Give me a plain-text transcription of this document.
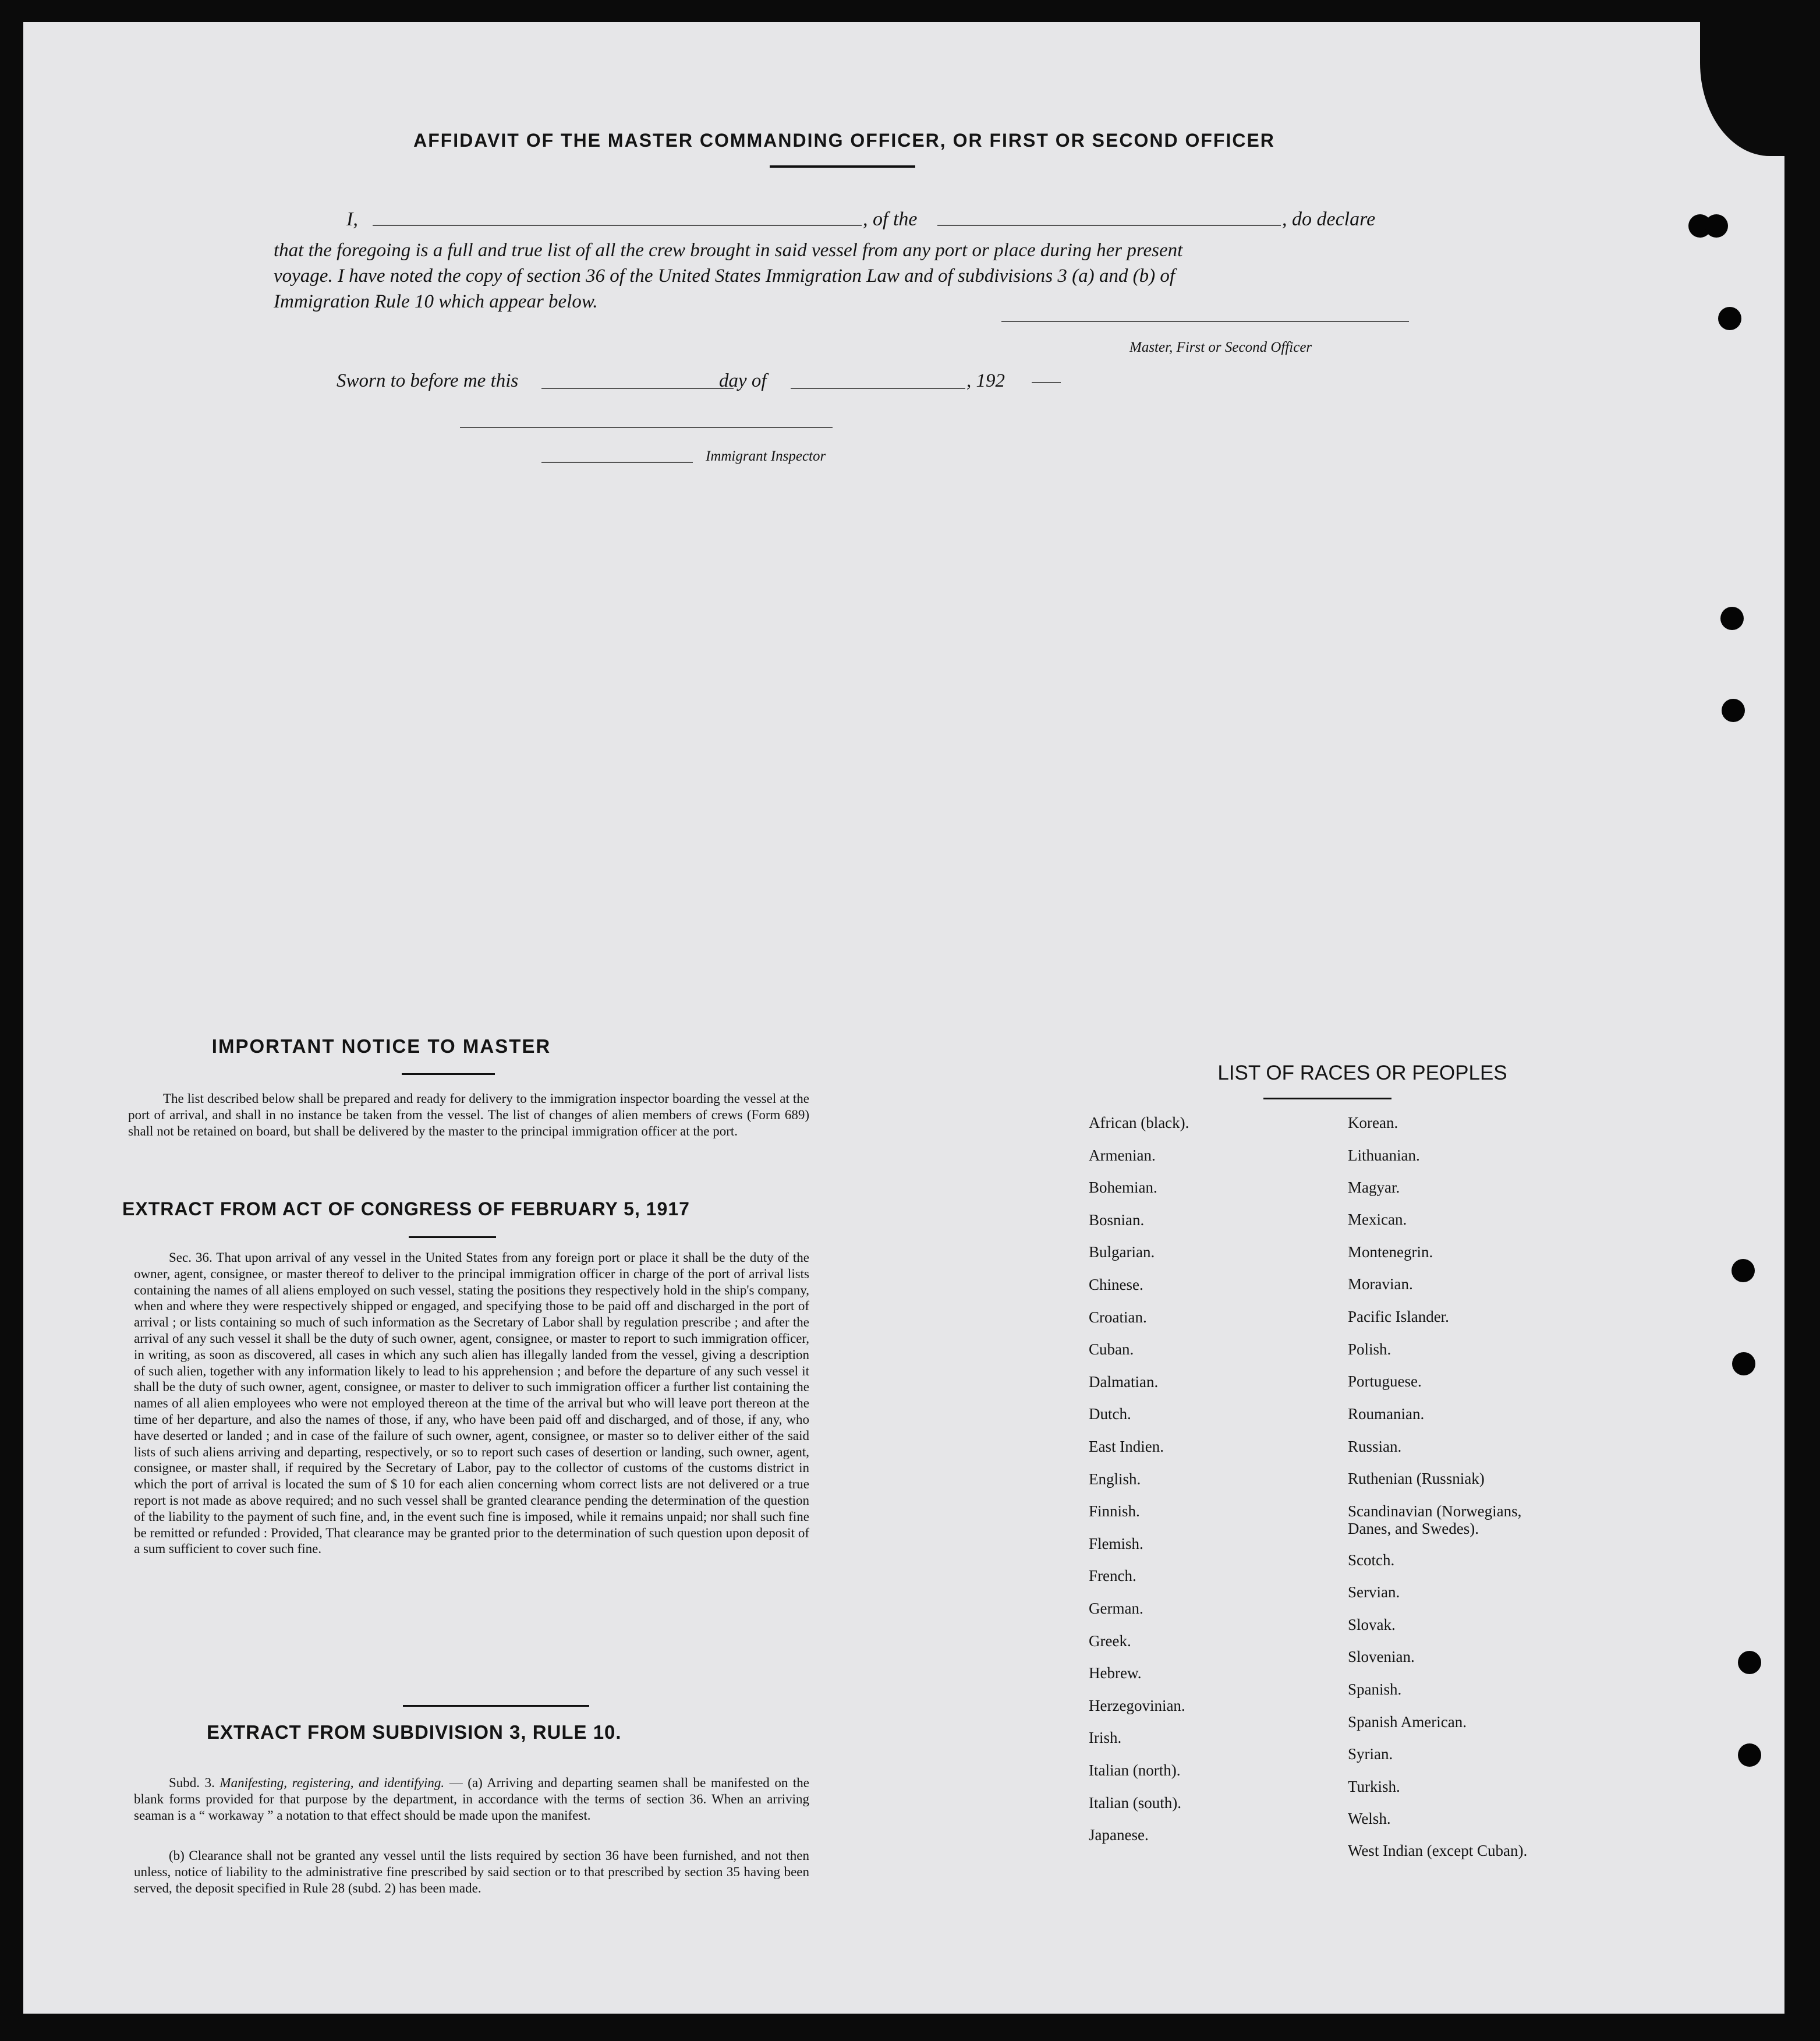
AFFIDAVIT OF THE MASTER COMMANDING OFFICER, OR FIRST OR SECOND OFFICER
I,	, of the	, do declare
that the foregoing is a full and true list of all the crew brought in said vessel from any port or place during her present
voyage. I have noted the copy of section 36 of the United States Immigration Law and of subdivisions 3 (a) and (b) of
Immigration Rule 10 which appear below.
Master, First or Second Officer
Sworn to before me this	day of	, 192
Immigrant Inspector
IMPORTANT NOTICE TO MASTER
The list described below shall be prepared and ready for delivery to the immigration inspector boarding the vessel at the port of arrival, and shall in no instance be taken from the vessel. The list of changes of alien members of crews (Form 689) shall not be retained on board, but shall be delivered by the master to the principal immigration officer at the port.
EXTRACT FROM ACT OF CONGRESS OF FEBRUARY 5, 1917
Sec. 36. That upon arrival of any vessel in the United States from any foreign port or place it shall be the duty of the owner, agent, consignee, or master thereof to deliver to the principal immigration officer in charge of the port of arrival lists containing the names of all aliens employed on such vessel, stating the positions they respectively hold in the ship's company, when and where they were respectively shipped or engaged, and specifying those to be paid off and discharged in the port of arrival ; or lists containing so much of such information as the Secretary of Labor shall by regulation prescribe ; and after the arrival of any such vessel it shall be the duty of such owner, agent, consignee, or master to report to such immigration officer, in writing, as soon as discovered, all cases in which any such alien has illegally landed from the vessel, giving a description of such alien, together with any information likely to lead to his apprehension ; and before the departure of any such vessel it shall be the duty of such owner, agent, consignee, or master to deliver to such immigration officer a further list containing the names of all alien employees who were not employed thereon at the time of the arrival but who will leave port thereon at the time of her departure, and also the names of those, if any, who have been paid off and discharged, and of those, if any, who have deserted or landed ; and in case of the failure of such owner, agent, consignee, or master so to deliver either of the said lists of such aliens arriving and departing, respectively, or so to report such cases of desertion or landing, such owner, agent, consignee, or master shall, if required by the Secretary of Labor, pay to the collector of customs of the customs district in which the port of arrival is located the sum of $ 10 for each alien concerning whom correct lists are not delivered or a true report is not made as above required; and no such vessel shall be granted clearance pending the determination of the question of the liability to the payment of such fine, and, in the event such fine is imposed, while it remains unpaid; nor shall such fine be remitted or refunded : Provided, That clearance may be granted prior to the determination of such question upon deposit of a sum sufficient to cover such fine.
EXTRACT FROM SUBDIVISION 3, RULE 10.
Subd. 3. Manifesting, registering, and identifying. — (a) Arriving and departing seamen shall be manifested on the blank forms provided for that purpose by the department, in accordance with the terms of section 36. When an arriving seaman is a “ workaway ” a notation to that effect should be made upon the manifest.
(b) Clearance shall not be granted any vessel until the lists required by section 36 have been furnished, and not then unless, notice of liability to the administrative fine prescribed by said section or to that prescribed by section 35 having been served, the deposit specified in Rule 28 (subd. 2) has been made.
LIST OF RACES OR PEOPLES
African (black).
Armenian.
Bohemian.
Bosnian.
Bulgarian.
Chinese.
Croatian.
Cuban.
Dalmatian.
Dutch.
East Indien.
English.
Finnish.
Flemish.
French.
German.
Greek.
Hebrew.
Herzegovinian.
Irish.
Italian (north).
Italian (south).
Japanese.
Korean.
Lithuanian.
Magyar.
Mexican.
Montenegrin.
Moravian.
Pacific Islander.
Polish.
Portuguese.
Roumanian.
Russian.
Ruthenian (Russniak)
Scandinavian (Norwegians,
Danes, and Swedes).
Scotch.
Servian.
Slovak.
Slovenian.
Spanish.
Spanish American.
Syrian.
Turkish.
Welsh.
West Indian (except Cuban).
